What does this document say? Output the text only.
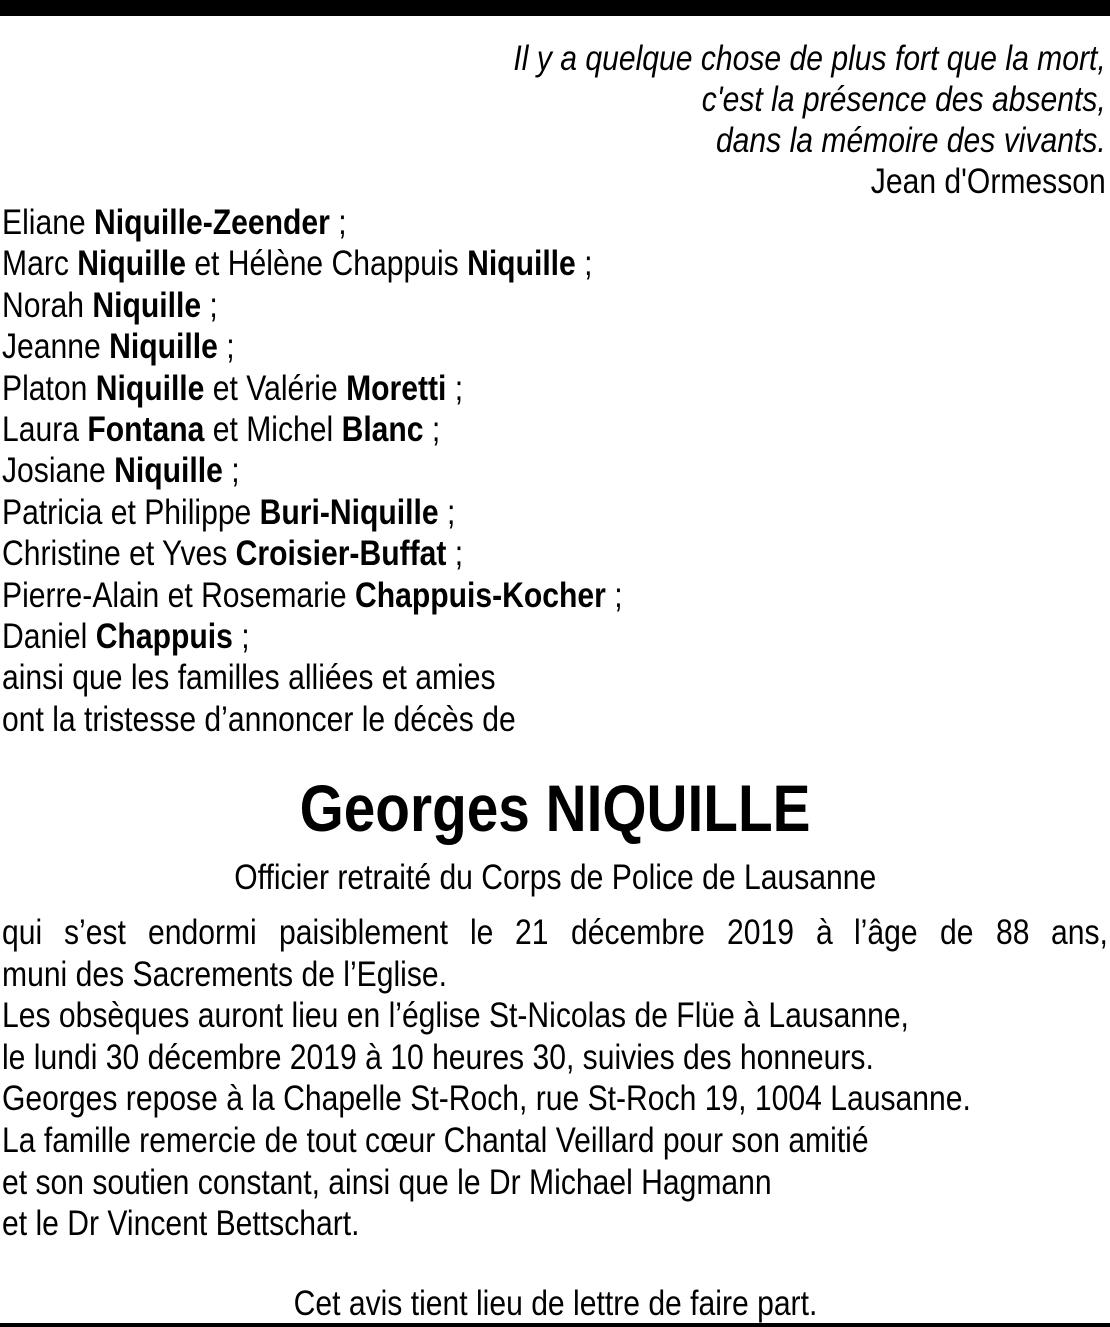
Il y a quelque chose de plus fort que la mort,
c'est la présence des absents,
dans la mémoire des vivants.
Jean d'Ormesson
Eliane Niquille-Zeender ;
Marc Niquille et Hélène Chappuis Niquille ;
Norah Niquille ;
Jeanne Niquille ;
Platon Niquille et Valérie Moretti ;
Laura Fontana et Michel Blanc ;
Josiane Niquille ;
Patricia et Philippe Buri-Niquille ;
Christine et Yves Croisier-Buffat ;
Pierre-Alain et Rosemarie Chappuis-Kocher ;
Daniel Chappuis ;
ainsi que les familles alliées et amies
ont la tristesse d’annoncer le décès de
Georges NIQUILLE
Officier retraité du Corps de Police de Lausanne
qui s’est endormi paisiblement le 21 décembre 2019 à l’âge de 88 ans,
muni des Sacrements de l’Eglise.
Les obsèques auront lieu en l’église St-Nicolas de Flüe à Lausanne,
le lundi 30 décembre 2019 à 10 heures 30, suivies des honneurs.
Georges repose à la Chapelle St-Roch, rue St-Roch 19, 1004 Lausanne.
La famille remercie de tout cœur Chantal Veillard pour son amitié
et son soutien constant, ainsi que le Dr Michael Hagmann
et le Dr Vincent Bettschart.
Cet avis tient lieu de lettre de faire part.
